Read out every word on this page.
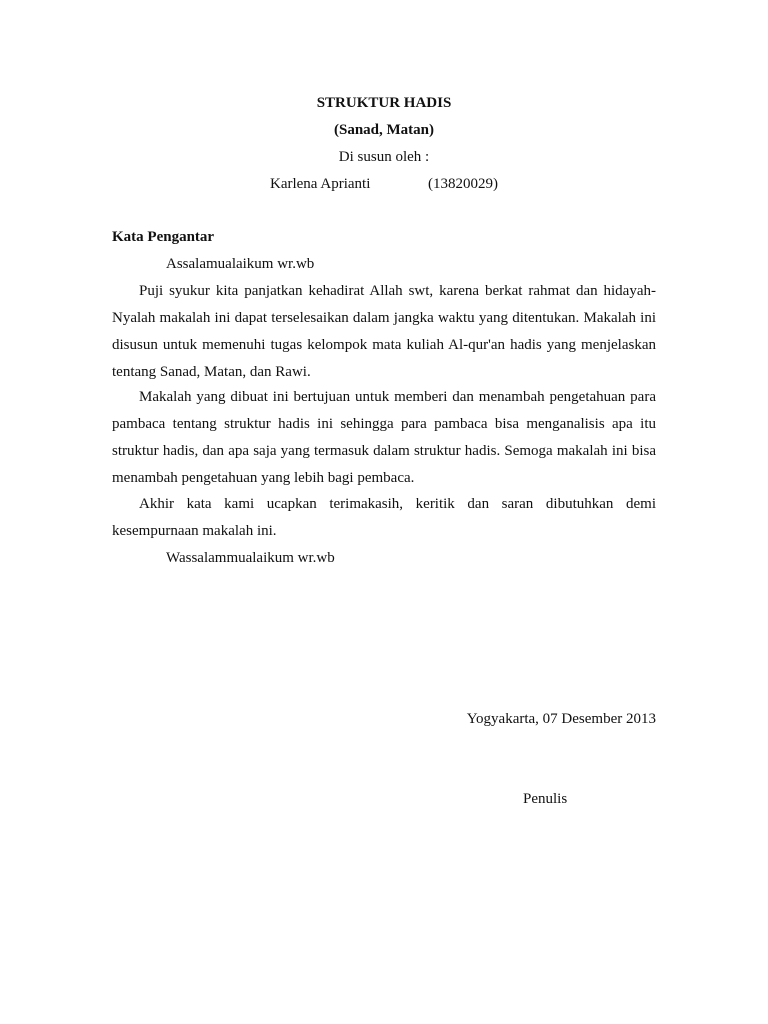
STRUKTUR HADIS
(Sanad, Matan)
Di susun oleh :
Karlena Aprianti	(13820029)
Kata Pengantar
Assalamualaikum wr.wb
Puji syukur kita panjatkan kehadirat Allah swt, karena berkat rahmat dan hidayah-
Nyalah makalah ini dapat terselesaikan dalam jangka waktu yang ditentukan. Makalah ini
disusun untuk memenuhi tugas kelompok mata kuliah Al-qur'an hadis yang menjelaskan
tentang Sanad, Matan, dan Rawi.
Makalah yang dibuat ini bertujuan untuk memberi dan menambah pengetahuan para
pambaca tentang struktur hadis ini sehingga para pambaca bisa menganalisis apa itu
struktur hadis, dan apa saja yang termasuk dalam struktur hadis. Semoga makalah ini bisa
menambah pengetahuan yang lebih bagi pembaca.
Akhir kata kami ucapkan terimakasih, keritik dan saran dibutuhkan demi
kesempurnaan makalah ini.
Wassalammualaikum wr.wb
Yogyakarta, 07 Desember 2013
Penulis
